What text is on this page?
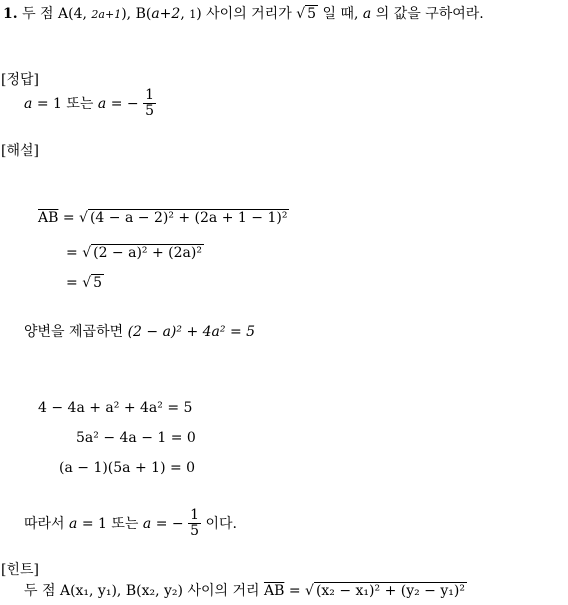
1. 두 점 A(4, 2a+1), B(a+2, 1) 사이의 거리가 √ 5 일 때, a 의 값을 구하여라.
[정답]
a = 1 또는 a = − $\frac{1}{5}$
[해설]
$\overline{AB}$ = √ (4 − a − 2)² + (2a + 1 − 1)²
= √ (2 − a)² + (2a)²
= √ 5
양변을 제곱하면 (2 − a)² + 4a² = 5
4 − 4a + a² + 4a² = 5
5a² − 4a − 1 = 0
(a − 1)(5a + 1) = 0
따라서 a = 1 또는 a = − $\frac{1}{5}$ 이다.
[힌트]
두 점 A(x₁, y₁), B(x₂, y₂) 사이의 거리 $\overline{AB}$ = √ (x₂ − x₁)² + (y₂ − y₁)²
